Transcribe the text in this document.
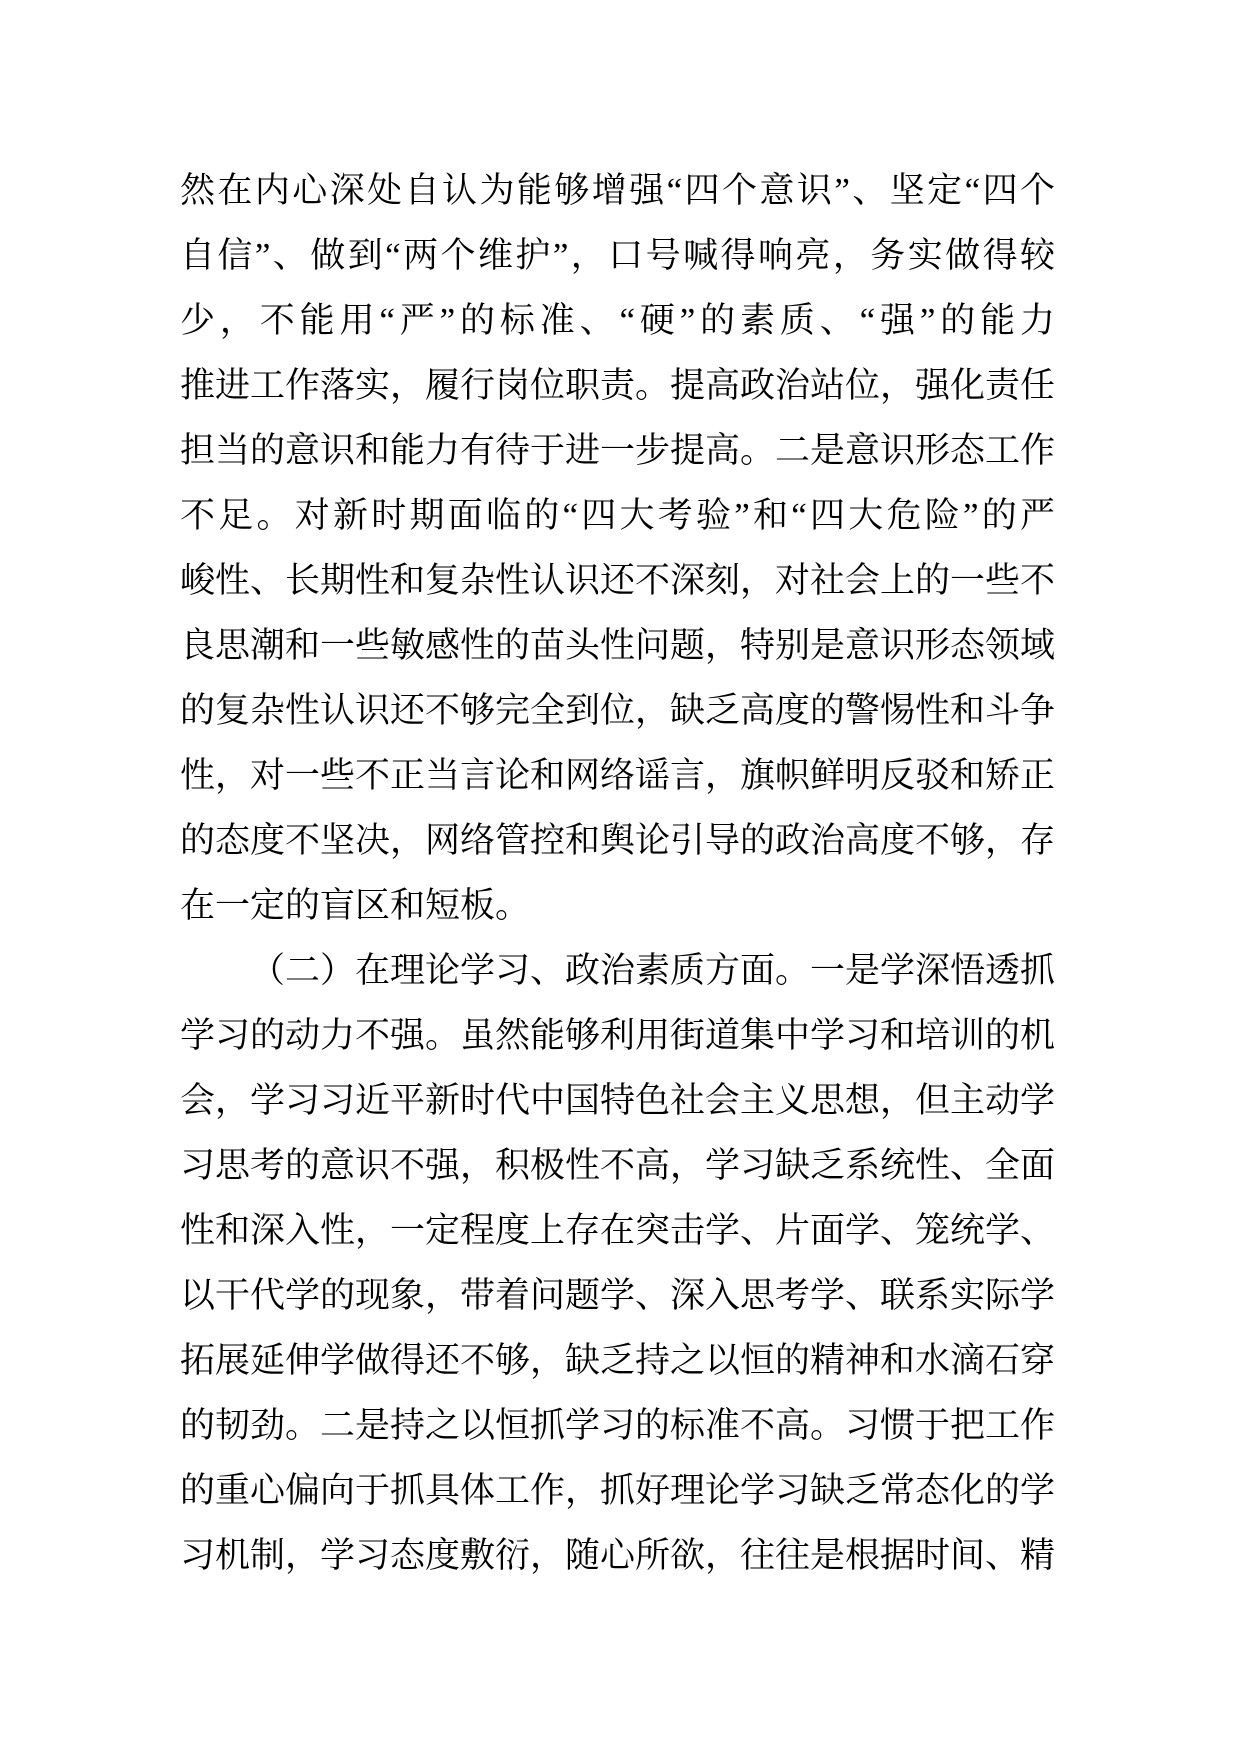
然在内心深处自认为能够增强“四个意识”、坚定“四个
自信”、做到“两个维护”，口号喊得响亮，务实做得较
少，不能用“严”的标准、“硬”的素质、“强”的能力
推进工作落实，履行岗位职责。提高政治站位，强化责任
担当的意识和能力有待于进一步提高。二是意识形态工作
不足。对新时期面临的“四大考验”和“四大危险”的严
峻性、长期性和复杂性认识还不深刻，对社会上的一些不
良思潮和一些敏感性的苗头性问题，特别是意识形态领域
的复杂性认识还不够完全到位，缺乏高度的警惕性和斗争
性，对一些不正当言论和网络谣言，旗帜鲜明反驳和矫正
的态度不坚决，网络管控和舆论引导的政治高度不够，存
在一定的盲区和短板。
（二）在理论学习、政治素质方面。一是学深悟透抓
学习的动力不强。虽然能够利用街道集中学习和培训的机
会，学习习近平新时代中国特色社会主义思想，但主动学
习思考的意识不强，积极性不高，学习缺乏系统性、全面
性和深入性，一定程度上存在突击学、片面学、笼统学、
以干代学的现象，带着问题学、深入思考学、联系实际学
拓展延伸学做得还不够，缺乏持之以恒的精神和水滴石穿
的韧劲。二是持之以恒抓学习的标准不高。习惯于把工作
的重心偏向于抓具体工作，抓好理论学习缺乏常态化的学
习机制，学习态度敷衍，随心所欲，往往是根据时间、精
